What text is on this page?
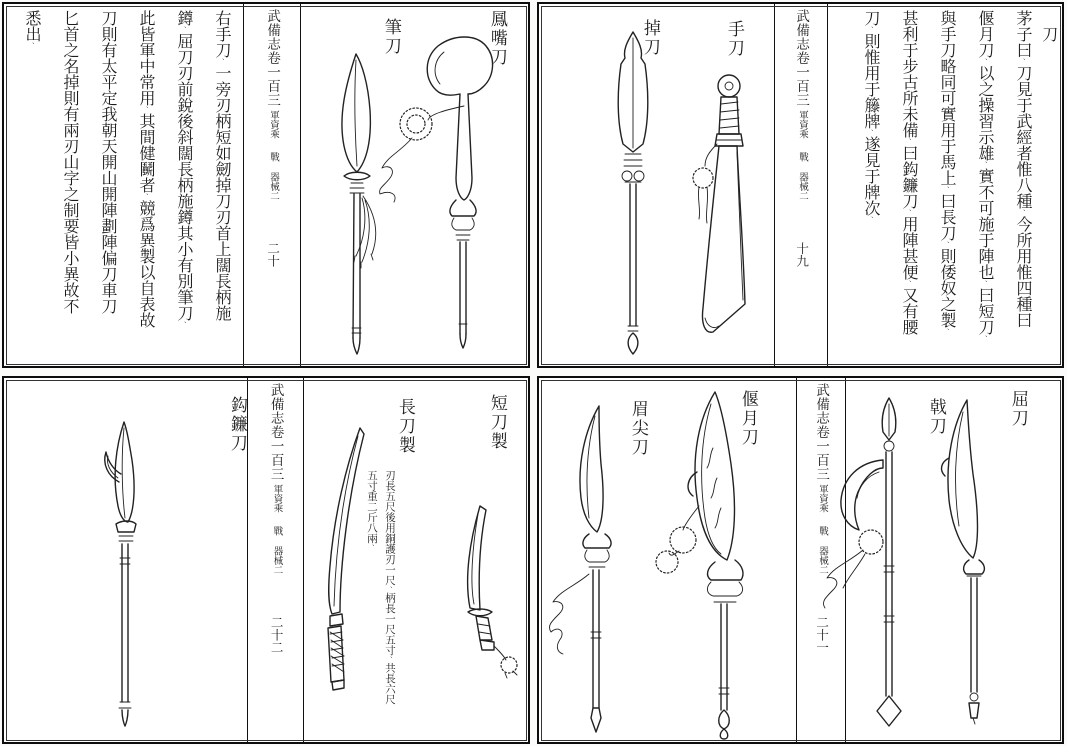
右手刀、一旁刃柄短如劒掉刀刃首上闊長柄施
鐏、屈刀刃前銳後斜闊長柄施鐏其小有別筆刀、
此皆軍中常用、其間健鬭者、競爲異製以自表故
刀則有太平定我朝天開山開陣劃陣偏刀車刀
匕首之名掉則有兩刃山字之制要皆小異故不
悉出、	武備志卷一百三
軍資乘
戰
器械二
二十
筆刀	鳳嘴刀	掉刀	手刀	武備志卷一百三
軍資乘
戰
器械二
十九
刀
茅子曰、刀見于武經者惟八種、今所用惟四種曰
偃月刀、以之操習示雄、實不可施于陣也、曰短刀、
與手刀略同可實用于馬上、曰長刀、則倭奴之製、
甚利于步古所未備、曰鈎鐮刀、用陣甚便、又有腰
刀、則惟用于籐牌、遂見于牌次、
鈎鐮刀 武備志卷一百三
軍資乘
戰
器械二
二十二
長刀製	短刀製
刃長五尺後用銅護刃一尺、柄長一尺五寸、共長六尺
五寸重二斤八兩、
眉尖刀	偃月刀	武備志卷一百三
軍資乘
戰
器械二
二十一
戟刀	屈刀
